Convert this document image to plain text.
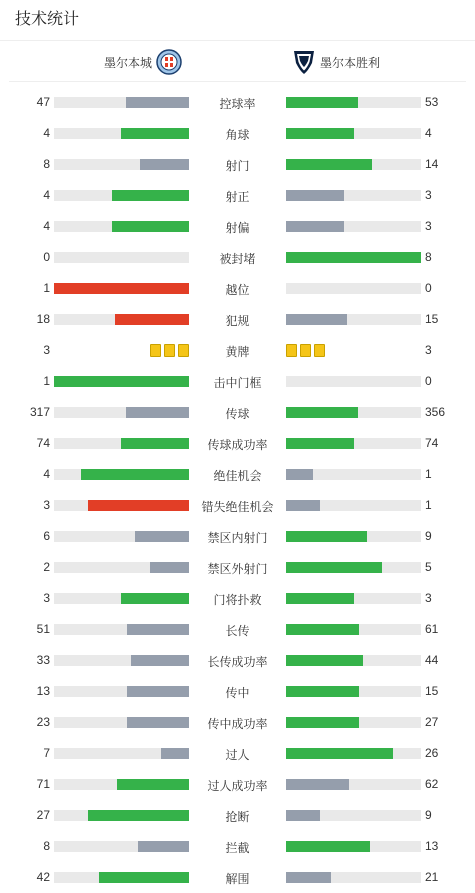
技术统计
墨尔本城	墨尔本胜利
47	控球率	53
4	角球	4
8	射门	14
4	射正	3
4	射偏	3
0	被封堵	8
1	越位	0
18	犯规	15
3	黄牌	3
1	击中门框	0
317	传球	356
74	传球成功率	74
4	绝佳机会	1
3	错失绝佳机会	1
6	禁区内射门	9
2	禁区外射门	5
3	门将扑救	3
51	长传	61
33	长传成功率	44
13	传中	15
23	传中成功率	27
7	过人	26
71	过人成功率	62
27	抢断	9
8	拦截	13
42	解围	21
